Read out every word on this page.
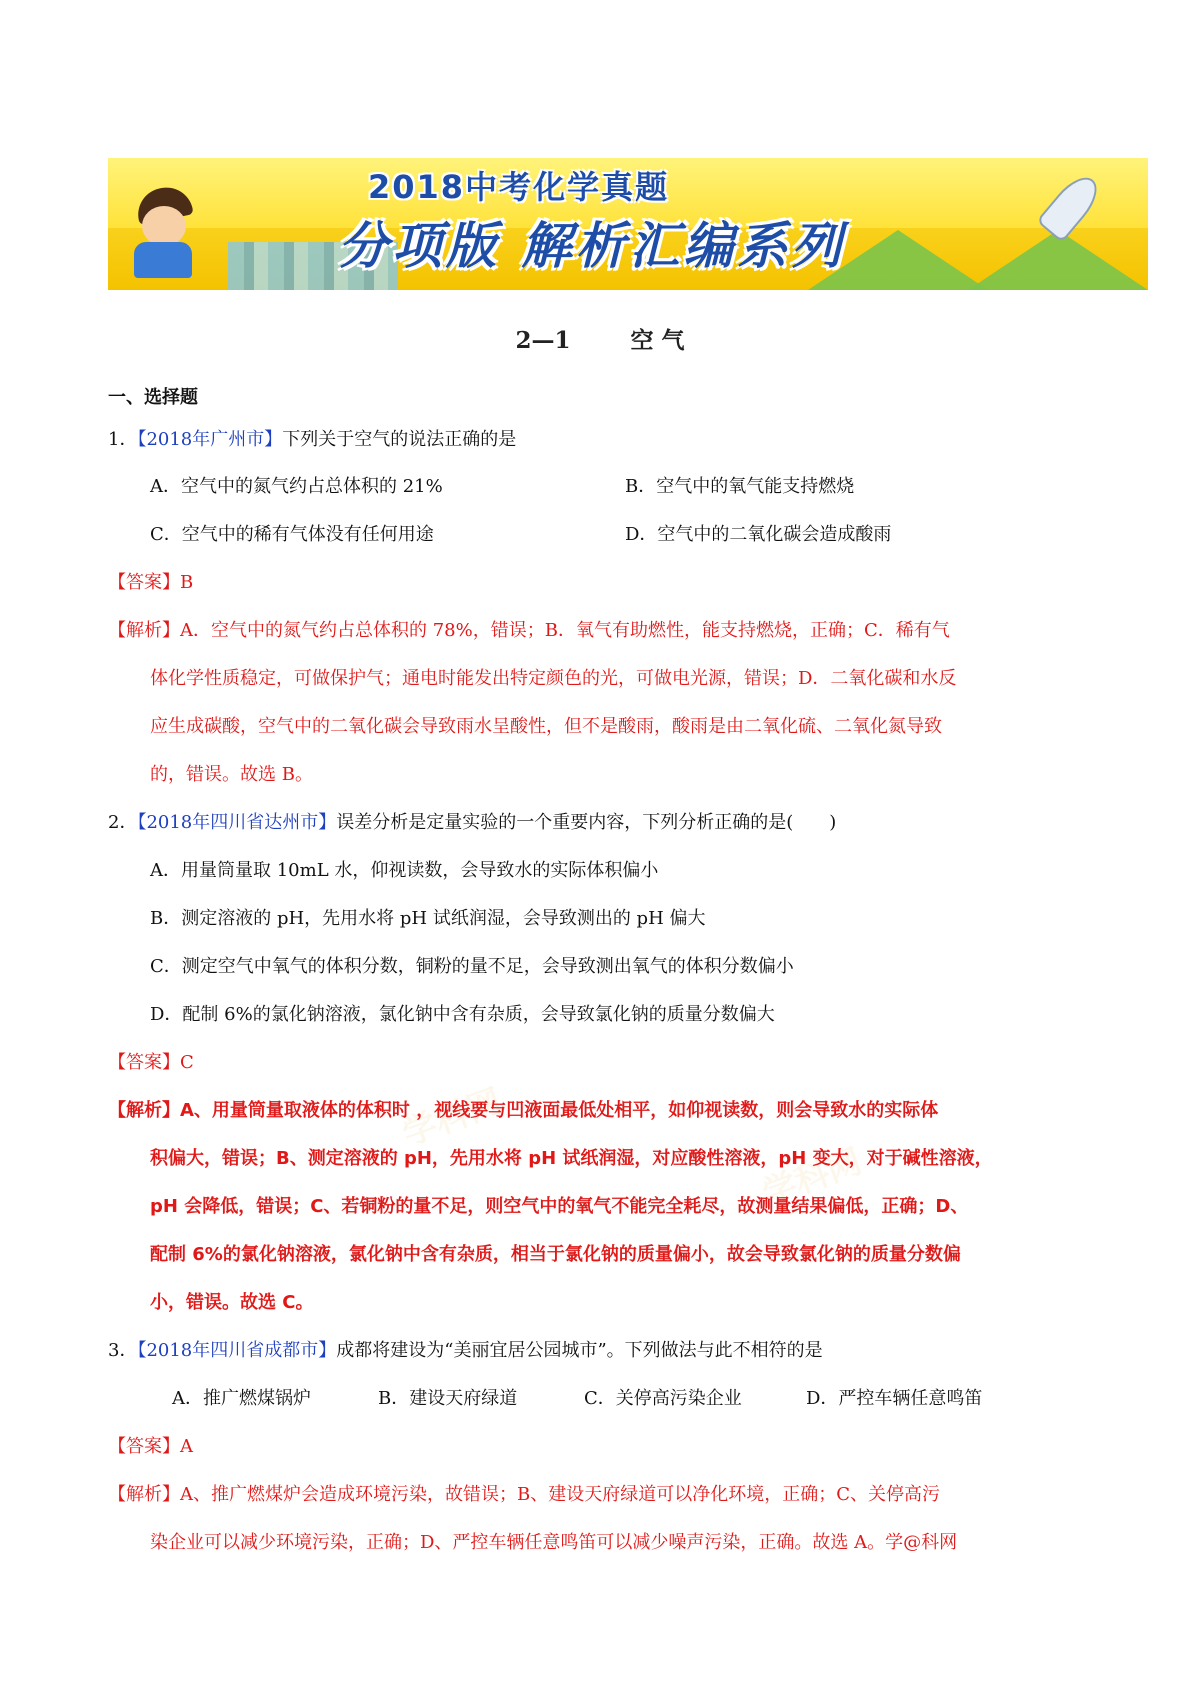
2018中考化学真题
分项版 解析汇编系列
2—1	空 气
一、选择题
学科网
学科网
1．【2018年广州市】下列关于空气的说法正确的是
A．空气中的氮气约占总体积的 21%	B．空气中的氧气能支持燃烧
C．空气中的稀有气体没有任何用途	D．空气中的二氧化碳会造成酸雨
【答案】B
【解析】A．空气中的氮气约占总体积的 78%，错误；B．氧气有助燃性，能支持燃烧，正确；C．稀有气
体化学性质稳定，可做保护气；通电时能发出特定颜色的光，可做电光源，错误；D．二氧化碳和水反
应生成碳酸，空气中的二氧化碳会导致雨水呈酸性，但不是酸雨，酸雨是由二氧化硫、二氧化氮导致
的，错误。故选 B。
2．【2018年四川省达州市】误差分析是定量实验的一个重要内容，下列分析正确的是(　　)
A．用量筒量取 10mL 水，仰视读数，会导致水的实际体积偏小
B．测定溶液的 pH，先用水将 pH 试纸润湿，会导致测出的 pH 偏大
C．测定空气中氧气的体积分数，铜粉的量不足，会导致测出氧气的体积分数偏小
D．配制 6%的氯化钠溶液，氯化钠中含有杂质，会导致氯化钠的质量分数偏大
【答案】C
【解析】A、用量筒量取液体的体积时 ，视线要与凹液面最低处相平，如仰视读数，则会导致水的实际体
积偏大，错误；B、测定溶液的 pH，先用水将 pH 试纸润湿，对应酸性溶液，pH 变大，对于碱性溶液，
pH 会降低，错误；C、若铜粉的量不足，则空气中的氧气不能完全耗尽，故测量结果偏低，正确；D、
配制 6%的氯化钠溶液，氯化钠中含有杂质，相当于氯化钠的质量偏小，故会导致氯化钠的质量分数偏
小，错误。故选 C。
3．【2018年四川省成都市】成都将建设为“美丽宜居公园城市”。下列做法与此不相符的是
A．推广燃煤锅炉	B．建设天府绿道	C．关停高污染企业	D．严控车辆任意鸣笛
【答案】A
【解析】A、推广燃煤炉会造成环境污染，故错误；B、建设天府绿道可以净化环境，正确；C、关停高污
染企业可以减少环境污染，正确；D、严控车辆任意鸣笛可以减少噪声污染，正确。故选 A。学@科网
